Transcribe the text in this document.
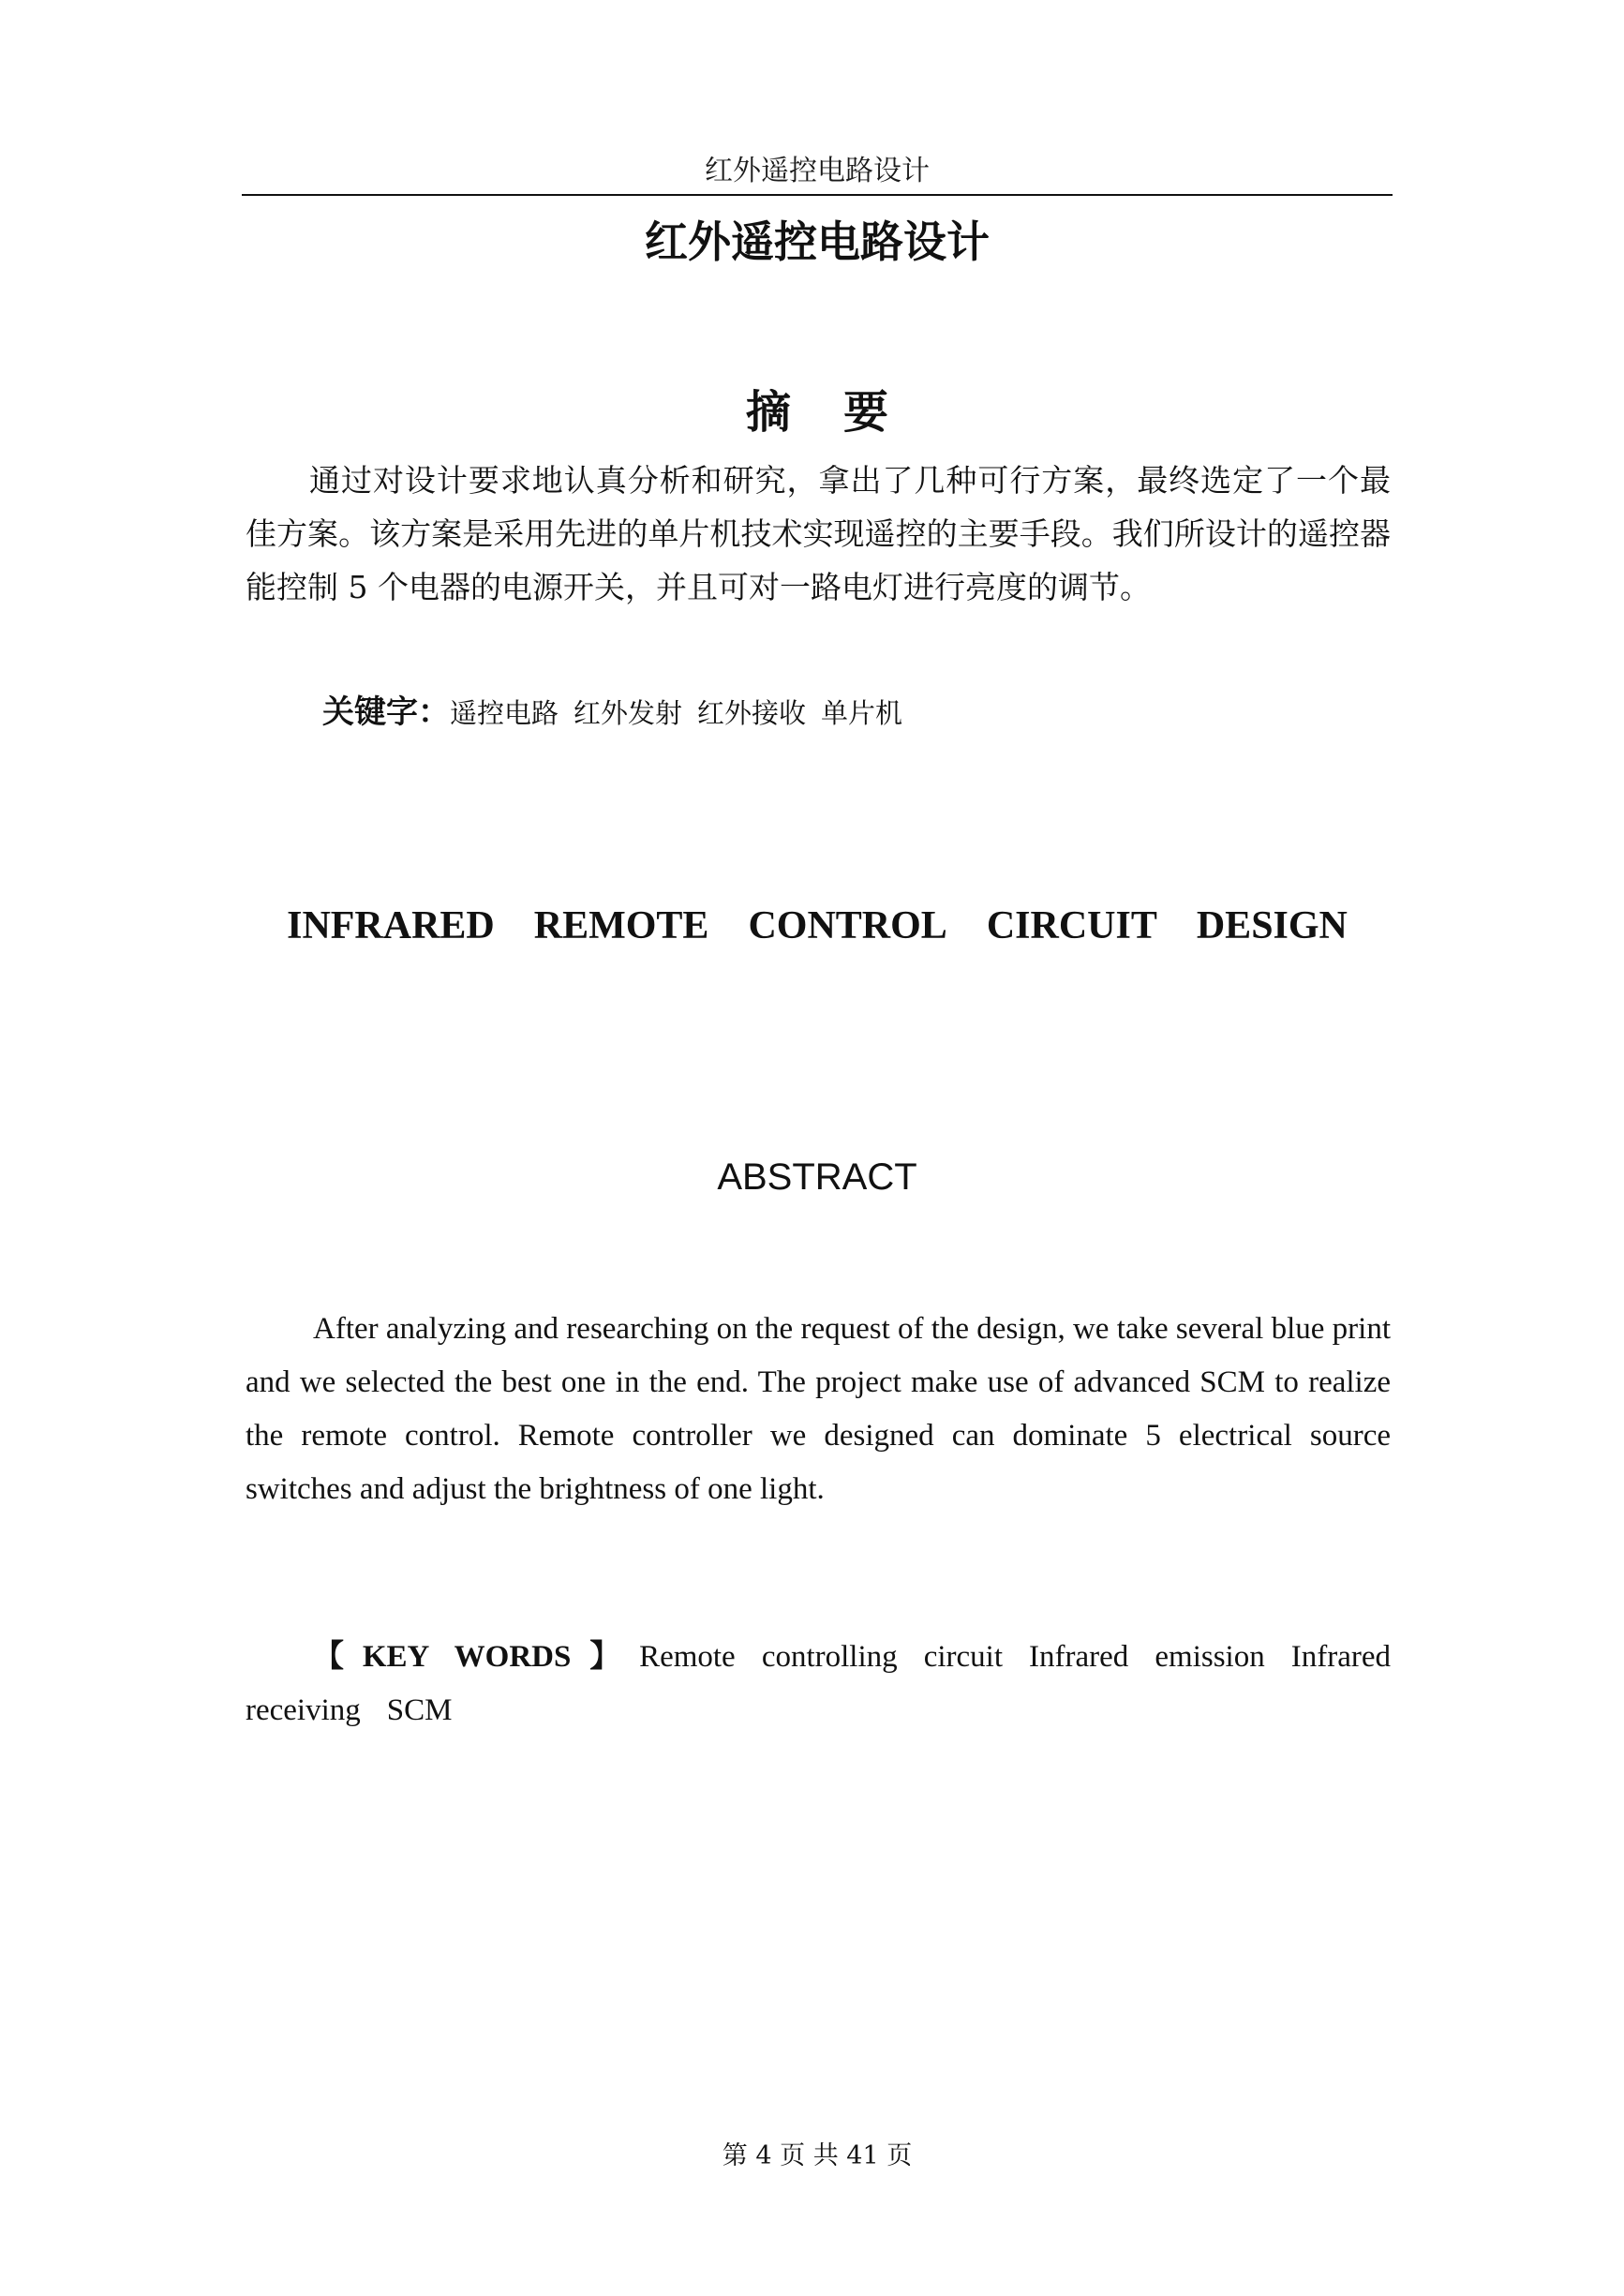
红外遥控电路设计
红外遥控电路设计
摘 要
通过对设计要求地认真分析和研究，拿出了几种可行方案，最终选定了一个最佳方案。该方案是采用先进的单片机技术实现遥控的主要手段。我们所设计的遥控器能控制 5 个电器的电源开关，并且可对一路电灯进行亮度的调节。
关键字：遥控电路 红外发射 红外接收 单片机
INFRARED REMOTE CONTROL CIRCUIT DESIGN
ABSTRACT
After analyzing and researching on the request of the design, we take several blue print and we selected the best one in the end. The project make use of advanced SCM to realize the remote control. Remote controller we designed can dominate 5 electrical source switches and adjust the brightness of one light.
【KEY WORDS】Remote controlling circuit Infrared emission Infrared receiving SCM
第 4 页 共 41 页
